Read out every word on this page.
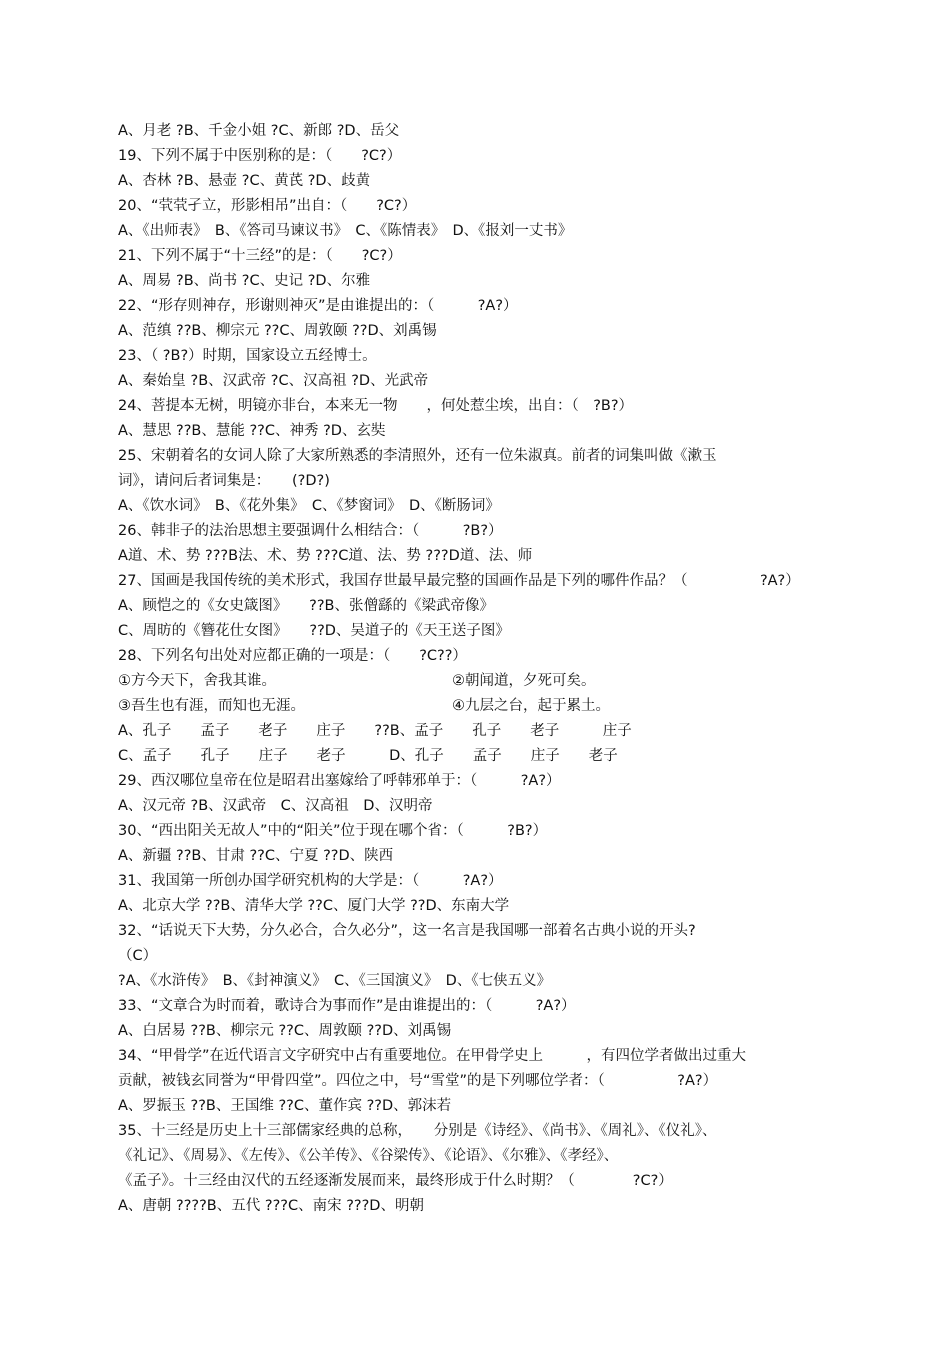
A、月老 ?B、千金小姐 ?C、新郎 ?D、岳父
19、下列不属于中医别称的是：（　　?C?）
A、杏林 ?B、悬壶 ?C、黄芪 ?D、歧黄
20、“茕茕孑立，形影相吊”出自：（　　?C?）
A、《出师表》　B、《答司马谏议书》　C、《陈情表》　D、《报刘一丈书》
21、下列不属于“十三经”的是：（　　?C?）
A、周易 ?B、尚书 ?C、史记 ?D、尔雅
22、“形存则神存，形谢则神灭”是由谁提出的：（　　　?A?）
A、范缜 ??B、柳宗元 ??C、周敦颐 ??D、刘禹锡
23、（ ?B?）时期，国家设立五经博士。
A、秦始皇 ?B、汉武帝 ?C、汉高祖 ?D、光武帝
24、菩提本无树，明镜亦非台，本来无一物　　，何处惹尘埃，出自：（　?B?）
A、慧思 ??B、慧能 ??C、神秀 ?D、玄奘
25、宋朝着名的女词人除了大家所熟悉的李清照外，还有一位朱淑真。前者的词集叫做《漱玉
词》，请问后者词集是：　　(?D?)
A、《饮水词》　B、《花外集》　C、《梦窗词》　D、《断肠词》
26、韩非子的法治思想主要强调什么相结合：（　　　?B?）
A道、术、势 ???B法、术、势 ???C道、法、势 ???D道、法、师
27、国画是我国传统的美术形式，我国存世最早最完整的国画作品是下列的哪件作品？（　　　　　?A?）
A、顾恺之的《女史箴图》　　??B、张僧繇的《梁武帝像》
C、周昉的《簪花仕女图》　　??D、吴道子的《天王送子图》
28、下列名句出处对应都正确的一项是：（　　?C??）
①方今天下，舍我其谁。	②朝闻道，夕死可矣。
③吾生也有涯，而知也无涯。	④九层之台，起于累土。
A、孔子　　孟子　　老子　　庄子　　??B、孟子　　孔子　　老子　　　庄子
C、孟子　　孔子　　庄子　　老子　　　D、孔子　　孟子　　庄子　　老子
29、西汉哪位皇帝在位是昭君出塞嫁给了呼韩邪单于：（　　　?A?）
A、汉元帝 ?B、汉武帝　C、汉高祖　D、汉明帝
30、“西出阳关无故人”中的“阳关”位于现在哪个省：（　　　?B?）
A、新疆 ??B、甘肃 ??C、宁夏 ??D、陕西
31、我国第一所创办国学研究机构的大学是：（　　　?A?）
A、北京大学 ??B、清华大学 ??C、厦门大学 ??D、东南大学
32、“话说天下大势，分久必合，合久必分”，这一名言是我国哪一部着名古典小说的开头?
（C）
?A、《水浒传》　B、《封神演义》　C、《三国演义》　D、《七侠五义》
33、“文章合为时而着，歌诗合为事而作”是由谁提出的：（　　　?A?）
A、白居易 ??B、柳宗元 ??C、周敦颐 ??D、刘禹锡
34、“甲骨学”在近代语言文字研究中占有重要地位。在甲骨学史上　　　，有四位学者做出过重大
贡献，被钱玄同誉为“甲骨四堂”。四位之中，号“雪堂”的是下列哪位学者：（　　　　　?A?）
A、罗振玉 ??B、王国维 ??C、董作宾 ??D、郭沫若
35、十三经是历史上十三部儒家经典的总称，　　分别是《诗经》、《尚书》、《周礼》、《仪礼》、
《礼记》、《周易》、《左传》、《公羊传》、《谷梁传》、《论语》、《尔雅》、《孝经》、
《孟子》。十三经由汉代的五经逐渐发展而来，最终形成于什么时期？（　　　　?C?）
A、唐朝 ????B、五代 ???C、南宋 ???D、明朝
